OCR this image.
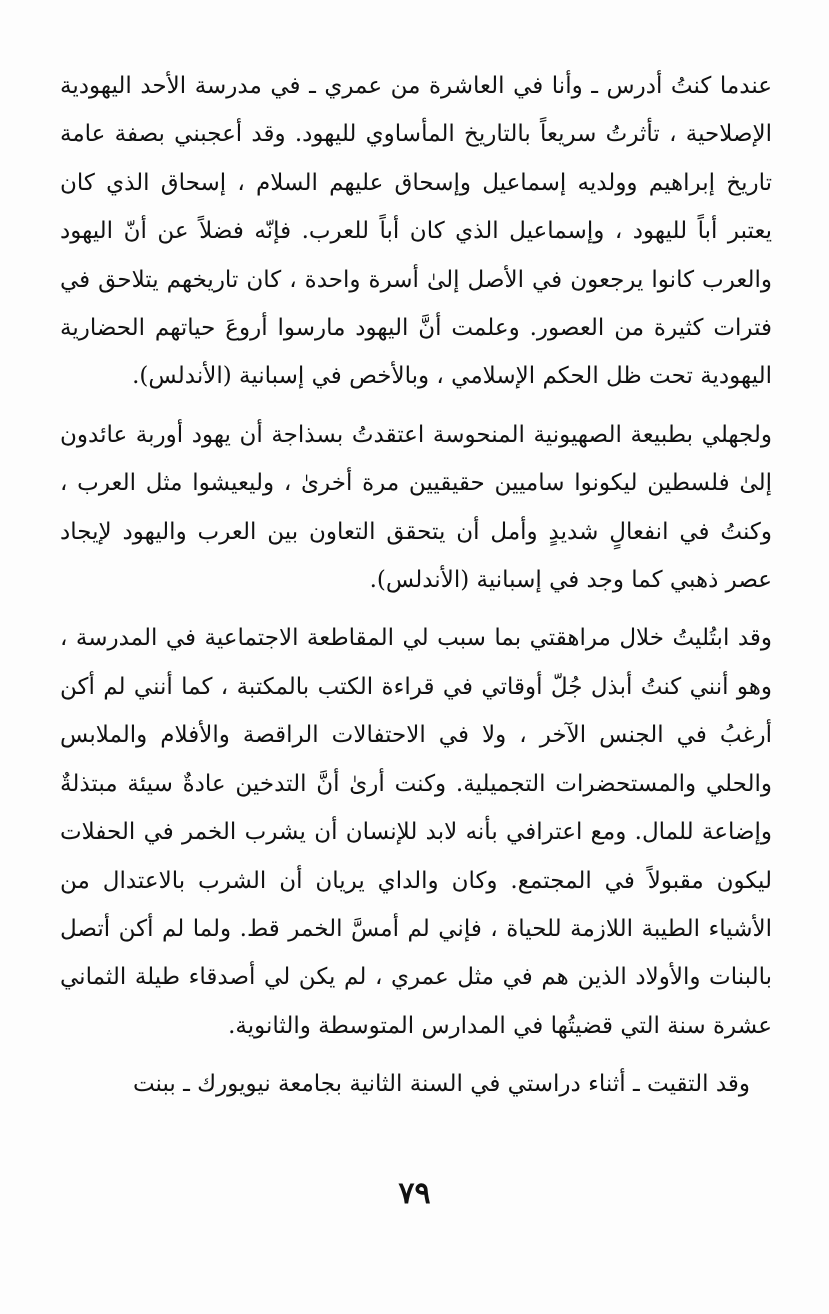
عندما كنتُ أدرس ـ وأنا في العاشرة من عمري ـ في مدرسة الأحد اليهودية الإصلاحية ، تأثرتُ سريعاً بالتاريخ المأساوي لليهود. وقد أعجبني بصفة عامة تاريخ إبراهيم وولديه إسماعيل وإسحاق عليهم السلام ، إسحاق الذي كان يعتبر أباً لليهود ، وإسماعيل الذي كان أباً للعرب. فإنّه فضلاً عن أنّ اليهود والعرب كانوا يرجعون في الأصل إلىٰ أسرة واحدة ، كان تاريخهم يتلاحق في فترات كثيرة من العصور. وعلمت أنَّ اليهود مارسوا أروعَ حياتهم الحضارية اليهودية تحت ظل الحكم الإسلامي ، وبالأخص في إسبانية (الأندلس).

ولجهلي بطبيعة الصهيونية المنحوسة اعتقدتُ بسذاجة أن يهود أوربة عائدون إلىٰ فلسطين ليكونوا ساميين حقيقيين مرة أخرىٰ ، وليعيشوا مثل العرب ، وكنتُ في انفعالٍ شديدٍ وأمل أن يتحقق التعاون بين العرب واليهود لإيجاد عصر ذهبي كما وجد في إسبانية (الأندلس).

وقد ابتُليتُ خلال مراهقتي بما سبب لي المقاطعة الاجتماعية في المدرسة ، وهو أنني كنتُ أبذل جُلّ أوقاتي في قراءة الكتب بالمكتبة ، كما أنني لم أكن أرغبُ في الجنس الآخر ، ولا في الاحتفالات الراقصة والأفلام والملابس والحلي والمستحضرات التجميلية. وكنت أرىٰ أنَّ التدخين عادةٌ سيئة مبتذلةٌ وإضاعة للمال. ومع اعترافي بأنه لابد للإنسان أن يشرب الخمر في الحفلات ليكون مقبولاً في المجتمع. وكان والداي يريان أن الشرب بالاعتدال من الأشياء الطيبة اللازمة للحياة ، فإني لم أمسَّ الخمر قط. ولما لم أكن أتصل بالبنات والأولاد الذين هم في مثل عمري ، لم يكن لي أصدقاء طيلة الثماني عشرة سنة التي قضيتُها في المدارس المتوسطة والثانوية.

وقد التقيت ـ أثناء دراستي في السنة الثانية بجامعة نيويورك ـ ببنت

٧٩
